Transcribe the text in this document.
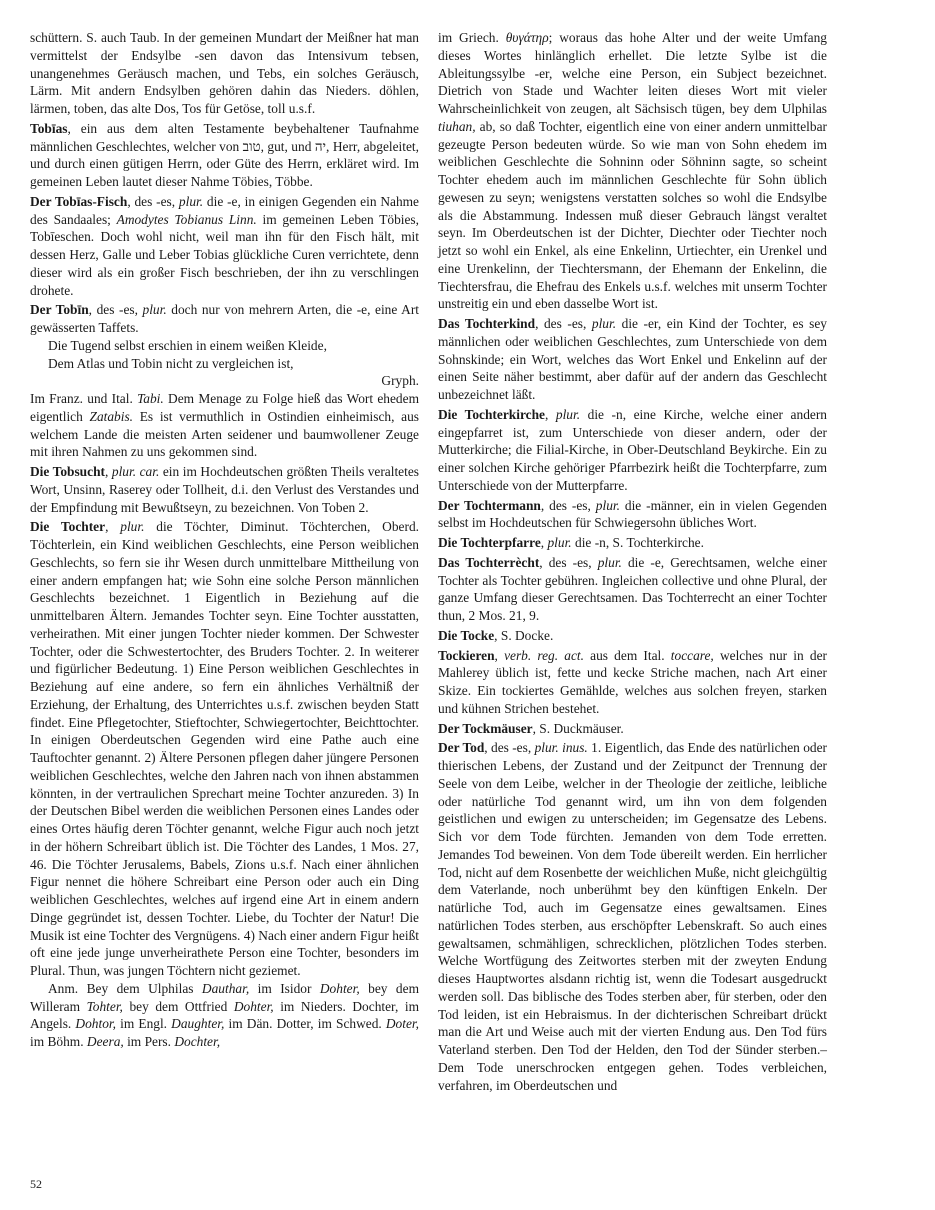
schüttern. S. auch Taub. In der gemeinen Mundart der Meißner hat man vermittelst der Endsylbe -sen davon das Intensivum tebsen, unangenehmes Geräusch machen, und Tebs, ein solches Geräusch, Lärm. Mit andern Endsylben gehören dahin das Nieders. döhlen, lärmen, toben, das alte Dos, Tos für Getöse, toll u.s.f.

Tobīas, ein aus dem alten Testamente beybehaltener Taufnahme männlichen Geschlechtes, welcher von טוב, gut, und יה, Herr, abgeleitet, und durch einen gütigen Herrn, oder Güte des Herrn, erkläret wird. Im gemeinen Leben lautet dieser Nahme Töbies, Többe.

Der Tobīas-Fisch, des -es, plur. die -e, in einigen Gegenden ein Nahme des Sandaales; Amodytes Tobianus Linn. im gemeinen Leben Töbies, Tobīeschen. Doch wohl nicht, weil man ihn für den Fisch hält, mit dessen Herz, Galle und Leber Tobias glückliche Curen verrichtete, denn dieser wird als ein großer Fisch beschrieben, der ihn zu verschlingen drohete.

Der Tobīn, des -es, plur. doch nur von mehrern Arten, die -e, eine Art gewässerten Taffets.

Die Tugend selbst erschien in einem weißen Kleide,

Dem Atlas und Tobin nicht zu vergleichen ist,

Gryph.

Im Franz. und Ital. Tabi. Dem Menage zu Folge hieß das Wort ehedem eigentlich Zatabis. Es ist vermuthlich in Ostindien einheimisch, aus welchem Lande die meisten Arten seidener und baumwollener Zeuge mit ihren Nahmen zu uns gekommen sind.

Die Tobsucht, plur. car. ein im Hochdeutschen größten Theils veraltetes Wort, Unsinn, Raserey oder Tollheit, d.i. den Verlust des Verstandes und der Empfindung mit Bewußtseyn, zu bezeichnen. Von Toben 2.

Die Tochter, plur. die Töchter, Diminut. Töchterchen, Oberd. Töchterlein, ein Kind weiblichen Geschlechts, eine Person weiblichen Geschlechts, so fern sie ihr Wesen durch unmittelbare Mittheilung von einer andern empfangen hat; wie Sohn eine solche Person männlichen Geschlechts bezeichnet. 1 Eigentlich in Beziehung auf die unmittelbaren Ältern. Jemandes Tochter seyn. Eine Tochter ausstatten, verheirathen. Mit einer jungen Tochter nieder kommen. Der Schwester Tochter, oder die Schwestertochter, des Bruders Tochter. 2. In weiterer und figürlicher Bedeutung. 1) Eine Person weiblichen Geschlechtes in Beziehung auf eine andere, so fern ein ähnliches Verhältniß der Erziehung, der Erhaltung, des Unterrichtes u.s.f. zwischen beyden Statt findet. Eine Pflegetochter, Stieftochter, Schwiegertochter, Beichttochter. In einigen Oberdeutschen Gegenden wird eine Pathe auch eine Tauftochter genannt. 2) Ältere Personen pflegen daher jüngere Personen weiblichen Geschlechtes, welche den Jahren nach von ihnen abstammen könnten, in der vertraulichen Sprechart meine Tochter anzureden. 3) In der Deutschen Bibel werden die weiblichen Personen eines Landes oder eines Ortes häufig deren Töchter genannt, welche Figur auch noch jetzt in der höhern Schreibart üblich ist. Die Töchter des Landes, 1 Mos. 27, 46. Die Töchter Jerusalems, Babels, Zions u.s.f. Nach einer ähnlichen Figur nennet die höhere Schreibart eine Person oder auch ein Ding weiblichen Geschlechtes, welches auf irgend eine Art in einem andern Dinge gegründet ist, dessen Tochter. Liebe, du Tochter der Natur! Die Musik ist eine Tochter des Vergnügens. 4) Nach einer andern Figur heißt oft eine jede junge unverheirathete Person eine Tochter, besonders im Plural. Thun, was jungen Töchtern nicht geziemet.

Anm. Bey dem Ulphilas Dauthar, im Isidor Dohter, bey dem Willeram Tohter, bey dem Ottfried Dohter, im Nieders. Dochter, im Angels. Dohtor, im Engl. Daughter, im Dän. Dotter, im Schwed. Doter, im Böhm. Deera, im Pers. Dochter,

im Griech. θυγάτηρ; woraus das hohe Alter und der weite Umfang dieses Wortes hinlänglich erhellet. Die letzte Sylbe ist die Ableitungssylbe -er, welche eine Person, ein Subject bezeichnet. Dietrich von Stade und Wachter leiten dieses Wort mit vieler Wahrscheinlichkeit von zeugen, alt Sächsisch tügen, bey dem Ulphilas tiuhan, ab, so daß Tochter, eigentlich eine von einer andern unmittelbar gezeugte Person bedeuten würde. So wie man von Sohn ehedem im weiblichen Geschlechte die Sohninn oder Söhninn sagte, so scheint Tochter ehedem auch im männlichen Geschlechte für Sohn üblich gewesen zu seyn; wenigstens verstatten solches so wohl die Endsylbe als die Abstammung. Indessen muß dieser Gebrauch längst veraltet seyn. Im Oberdeutschen ist der Dichter, Diechter oder Tiechter noch jetzt so wohl ein Enkel, als eine Enkelinn, Urtiechter, ein Urenkel und eine Urenkelinn, der Tiechtersmann, der Ehemann der Enkelinn, die Tiechtersfrau, die Ehefrau des Enkels u.s.f. welches mit unserm Tochter unstreitig ein und eben dasselbe Wort ist.

Das Tochterkind, des -es, plur. die -er, ein Kind der Tochter, es sey männlichen oder weiblichen Geschlechtes, zum Unterschiede von dem Sohnskinde; ein Wort, welches das Wort Enkel und Enkelinn auf der einen Seite näher bestimmt, aber dafür auf der andern das Geschlecht unbezeichnet läßt.

Die Tochterkirche, plur. die -n, eine Kirche, welche einer andern eingepfarret ist, zum Unterschiede von dieser andern, oder der Mutterkirche; die Filial-Kirche, in Ober-Deutschland Beykirche. Ein zu einer solchen Kirche gehöriger Pfarrbezirk heißt die Tochterpfarre, zum Unterschiede von der Mutterpfarre.

Der Tochtermann, des -es, plur. die -männer, ein in vielen Gegenden selbst im Hochdeutschen für Schwiegersohn übliches Wort.

Die Tochterpfarre, plur. die -n, S. Tochterkirche.

Das Tochterrècht, des -es, plur. die -e, Gerechtsamen, welche einer Tochter als Tochter gebühren. Ingleichen collective und ohne Plural, der ganze Umfang dieser Gerechtsamen. Das Tochterrecht an einer Tochter thun, 2 Mos. 21, 9.

Die Tocke, S. Docke.

Tockieren, verb. reg. act. aus dem Ital. toccare, welches nur in der Mahlerey üblich ist, fette und kecke Striche machen, nach Art einer Skize. Ein tockiertes Gemählde, welches aus solchen freyen, starken und kühnen Strichen bestehet.

Der Tockmäuser, S. Duckmäuser.

Der Tod, des -es, plur. inus. 1. Eigentlich, das Ende des natürlichen oder thierischen Lebens, der Zustand und der Zeitpunct der Trennung der Seele von dem Leibe, welcher in der Theologie der zeitliche, leibliche oder natürliche Tod genannt wird, um ihn von dem folgenden geistlichen und ewigen zu unterscheiden; im Gegensatze des Lebens. Sich vor dem Tode fürchten. Jemanden von dem Tode erretten. Jemandes Tod beweinen. Von dem Tode übereilt werden. Ein herrlicher Tod, nicht auf dem Rosenbette der weichlichen Muße, nicht gleichgültig dem Vaterlande, noch unberühmt bey den künftigen Enkeln. Der natürliche Tod, auch im Gegensatze eines gewaltsamen. Eines natürlichen Todes sterben, aus erschöpfter Lebenskraft. So auch eines gewaltsamen, schmähligen, schrecklichen, plötzlichen Todes sterben. Welche Wortfügung des Zeitwortes sterben mit der zweyten Endung dieses Hauptwortes alsdann richtig ist, wenn die Todesart ausgedruckt werden soll. Das biblische des Todes sterben aber, für sterben, oder den Tod leiden, ist ein Hebraismus. In der dichterischen Schreibart drückt man die Art und Weise auch mit der vierten Endung aus. Den Tod fürs Vaterland sterben. Den Tod der Helden, den Tod der Sünder sterben.– Dem Tode unerschrocken entgegen gehen. Todes verbleichen, verfahren, im Oberdeutschen und

52
